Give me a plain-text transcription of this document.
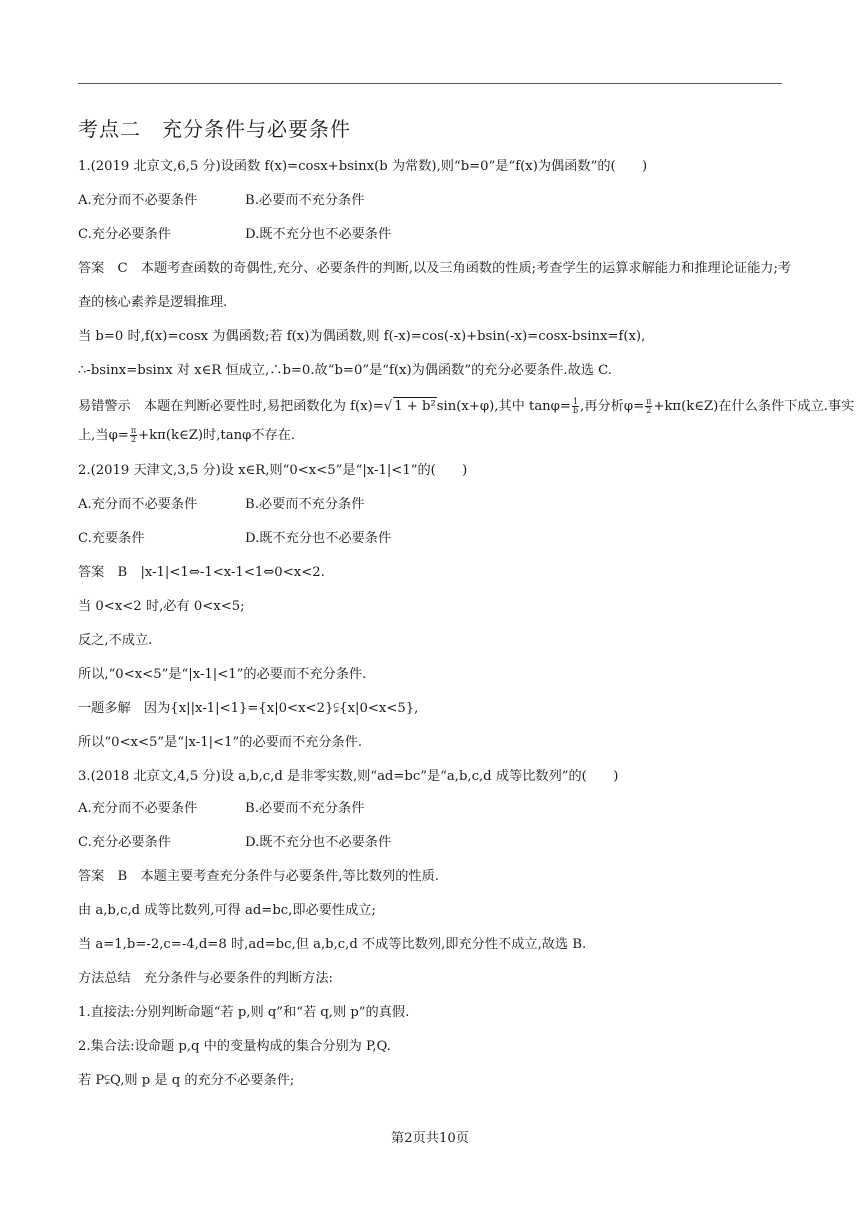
考点二　充分条件与必要条件
1.(2019 北京文,6,5 分)设函数 f(x)=cosx+bsinx(b 为常数),则“b=0”是“f(x)为偶函数”的(　　)
A.充分而不必要条件	B.必要而不充分条件
C.充分必要条件	D.既不充分也不必要条件
答案　C　本题考查函数的奇偶性,充分、必要条件的判断,以及三角函数的性质;考查学生的运算求解能力和推理论证能力;考
查的核心素养是逻辑推理.
当 b=0 时,f(x)=cosx 为偶函数;若 f(x)为偶函数,则 f(-x)=cos(-x)+bsin(-x)=cosx-bsinx=f(x),
∴-bsinx=bsinx 对 x∈R 恒成立,∴b=0.故“b=0”是“f(x)为偶函数”的充分必要条件.故选 C.
易错警示　本题在判断必要性时,易把函数化为 f(x)=√ 1 + b²sin(x+φ),其中 $\tan\varphi= \frac{1}{b}$ ,再分析$\varphi= \frac{\pi}{2}$ +kπ(k∈Z)在什么条件下成立.事实
上,当$\varphi= \frac{\pi}{2}$ +kπ(k∈Z)时,tanφ不存在.
2.(2019 天津文,3,5 分)设 x∈R,则“0<x<5”是“|x-1|<1”的(　　)
A.充分而不必要条件	B.必要而不充分条件
C.充要条件	D.既不充分也不必要条件
答案　B　|x-1|<1⇔-1<x-1<1⇔0<x<2.
当 0<x<2 时,必有 0<x<5;
反之,不成立.
所以,“0<x<5”是“|x-1|<1”的必要而不充分条件.
一题多解　因为{x||x-1|<1}={x|0<x<2}⫋{x|0<x<5},
所以“0<x<5”是“|x-1|<1”的必要而不充分条件.
3.(2018 北京文,4,5 分)设 a,b,c,d 是非零实数,则“ad=bc”是“a,b,c,d 成等比数列”的(　　)
A.充分而不必要条件	B.必要而不充分条件
C.充分必要条件	D.既不充分也不必要条件
答案　B　本题主要考查充分条件与必要条件,等比数列的性质.
由 a,b,c,d 成等比数列,可得 ad=bc,即必要性成立;
当 a=1,b=-2,c=-4,d=8 时,ad=bc,但 a,b,c,d 不成等比数列,即充分性不成立,故选 B.
方法总结　充分条件与必要条件的判断方法:
1.直接法:分别判断命题“若 p,则 q”和“若 q,则 p”的真假.
2.集合法:设命题 p,q 中的变量构成的集合分别为 P,Q.
若 P⫋Q,则 p 是 q 的充分不必要条件;
第2页共10页
